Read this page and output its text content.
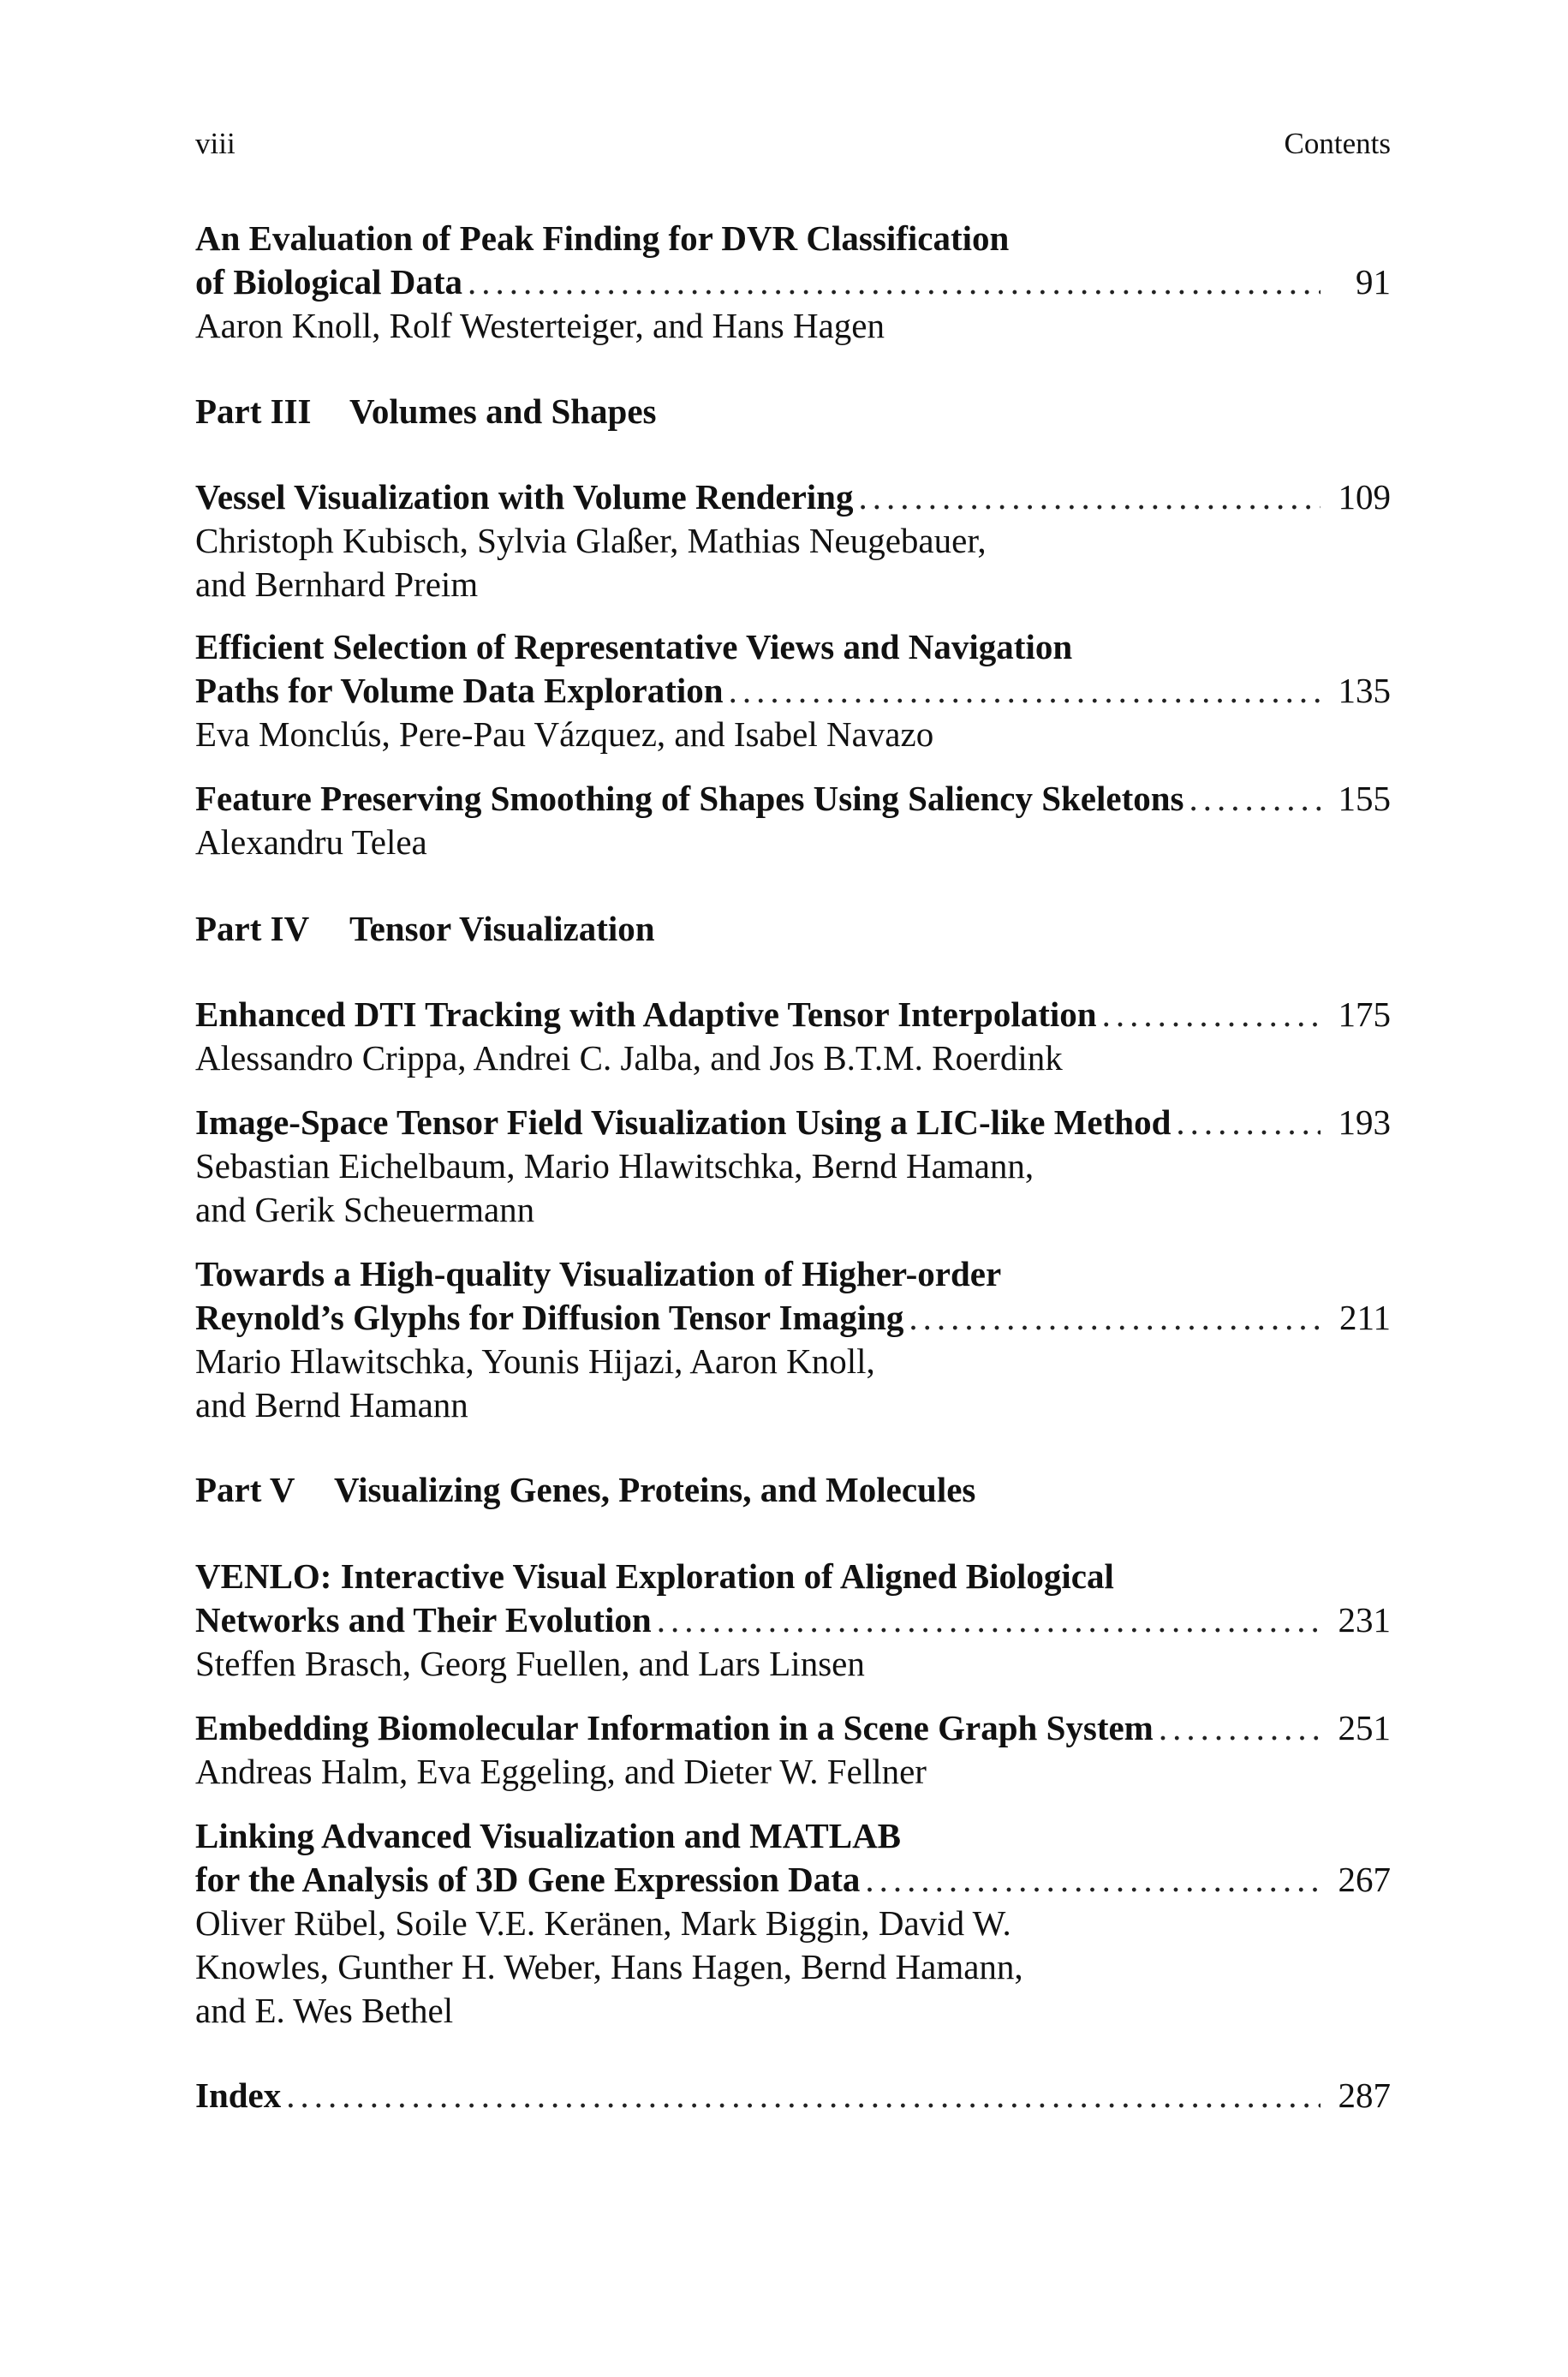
viii	Contents
An Evaluation of Peak Finding for DVR Classification
of Biological Data .....	91
Aaron Knoll, Rolf Westerteiger, and Hans Hagen
Part III Volumes and Shapes
Vessel Visualization with Volume Rendering .....	109
Christoph Kubisch, Sylvia Glaßer, Mathias Neugebauer,
and Bernhard Preim
Efficient Selection of Representative Views and Navigation
Paths for Volume Data Exploration .....	135
Eva Monclús, Pere-Pau Vázquez, and Isabel Navazo
Feature Preserving Smoothing of Shapes Using Saliency Skeletons .....	155
Alexandru Telea
Part IV Tensor Visualization
Enhanced DTI Tracking with Adaptive Tensor Interpolation .....	175
Alessandro Crippa, Andrei C. Jalba, and Jos B.T.M. Roerdink
Image-Space Tensor Field Visualization Using a LIC-like Method .....	193
Sebastian Eichelbaum, Mario Hlawitschka, Bernd Hamann,
and Gerik Scheuermann
Towards a High-quality Visualization of Higher-order
Reynold’s Glyphs for Diffusion Tensor Imaging .....	211
Mario Hlawitschka, Younis Hijazi, Aaron Knoll,
and Bernd Hamann
Part V Visualizing Genes, Proteins, and Molecules
VENLO: Interactive Visual Exploration of Aligned Biological
Networks and Their Evolution .....	231
Steffen Brasch, Georg Fuellen, and Lars Linsen
Embedding Biomolecular Information in a Scene Graph System .....	251
Andreas Halm, Eva Eggeling, and Dieter W. Fellner
Linking Advanced Visualization and MATLAB
for the Analysis of 3D Gene Expression Data .....	267
Oliver Rübel, Soile V.E. Keränen, Mark Biggin, David W.
Knowles, Gunther H. Weber, Hans Hagen, Bernd Hamann,
and E. Wes Bethel
Index .....	287
